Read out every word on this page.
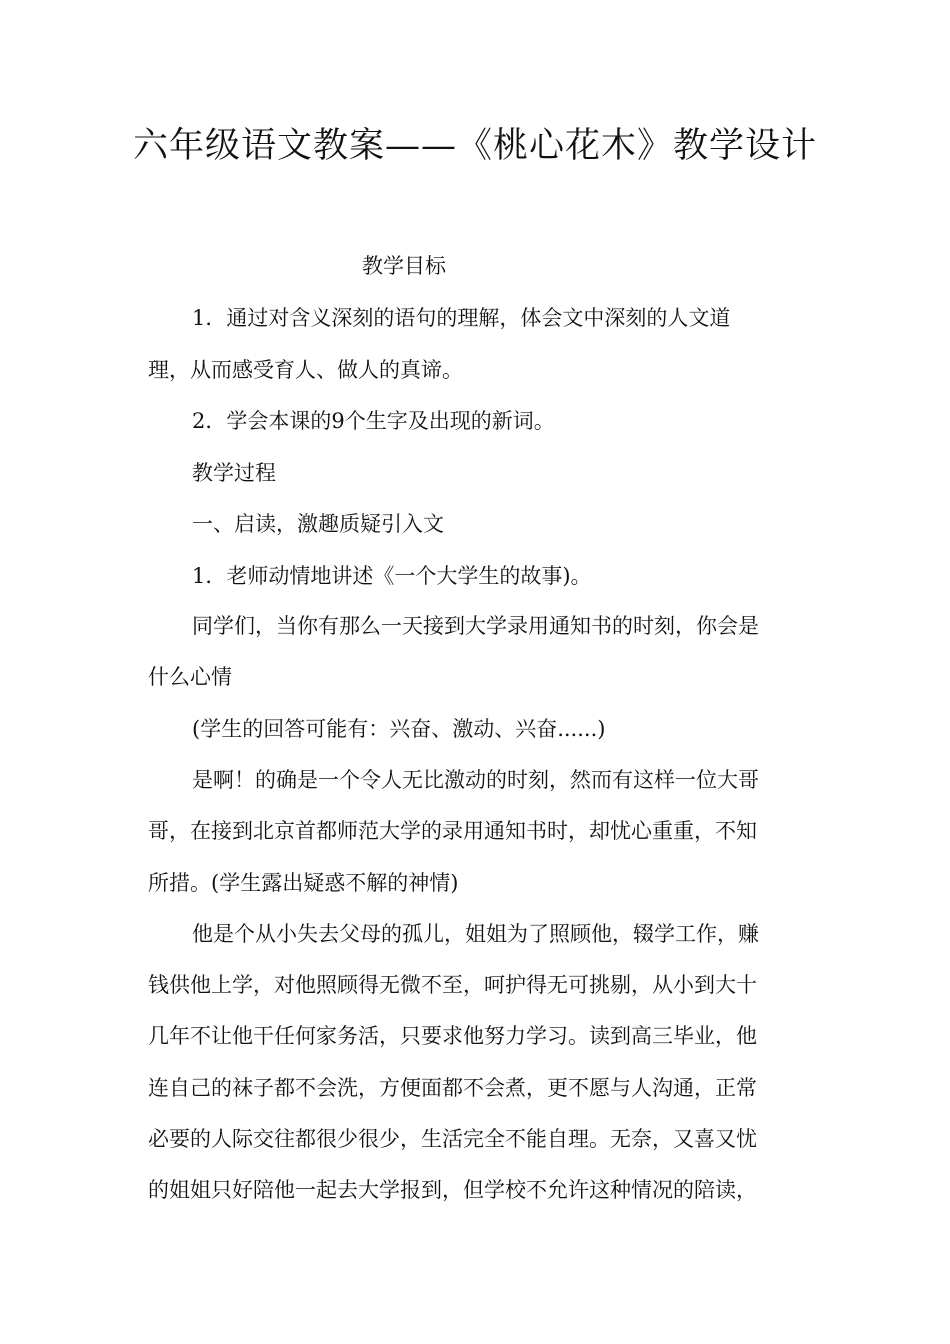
六年级语文教案——《桃心花木》教学设计
教学目标
1．通过对含义深刻的语句的理解，体会文中深刻的人文道
理，从而感受育人、做人的真谛。
2．学会本课的9个生字及出现的新词。
教学过程
一、启读，激趣质疑引入文
1．老师动情地讲述《一个大学生的故事)。
同学们，当你有那么一天接到大学录用通知书的时刻，你会是
什么心情
(学生的回答可能有：兴奋、激动、兴奋......)
是啊！的确是一个令人无比激动的时刻，然而有这样一位大哥
哥，在接到北京首都师范大学的录用通知书时，却忧心重重，不知
所措。(学生露出疑惑不解的神情)
他是个从小失去父母的孤儿，姐姐为了照顾他，辍学工作，赚
钱供他上学，对他照顾得无微不至，呵护得无可挑剔，从小到大十
几年不让他干任何家务活，只要求他努力学习。读到高三毕业，他
连自己的袜子都不会洗，方便面都不会煮，更不愿与人沟通，正常
必要的人际交往都很少很少，生活完全不能自理。无奈，又喜又忧
的姐姐只好陪他一起去大学报到，但学校不允许这种情况的陪读，
